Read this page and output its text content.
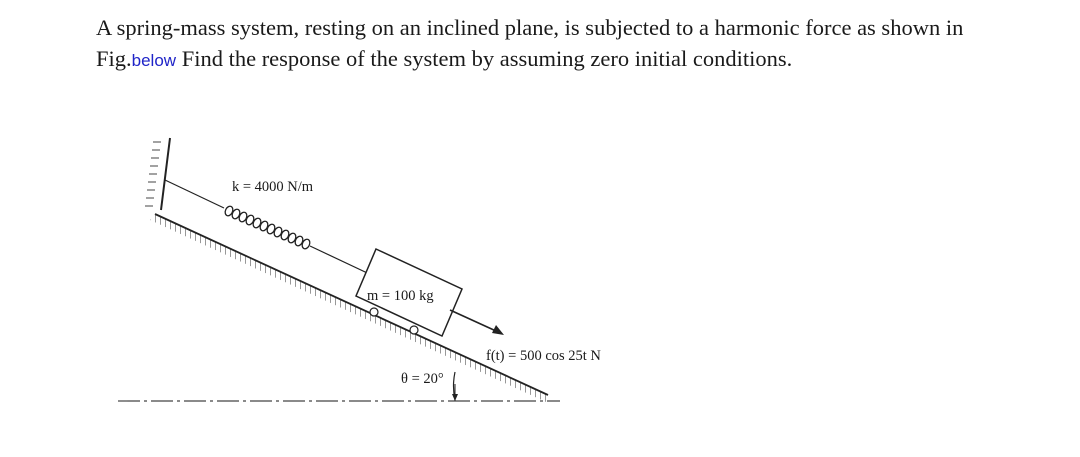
A spring-mass system, resting on an inclined plane, is subjected to a harmonic force as shown in Fig.below Find the response of the system by assuming zero initial conditions.

k = 4000 N/m
m = 100 kg
f(t) = 500 cos 25t N
θ = 20°
